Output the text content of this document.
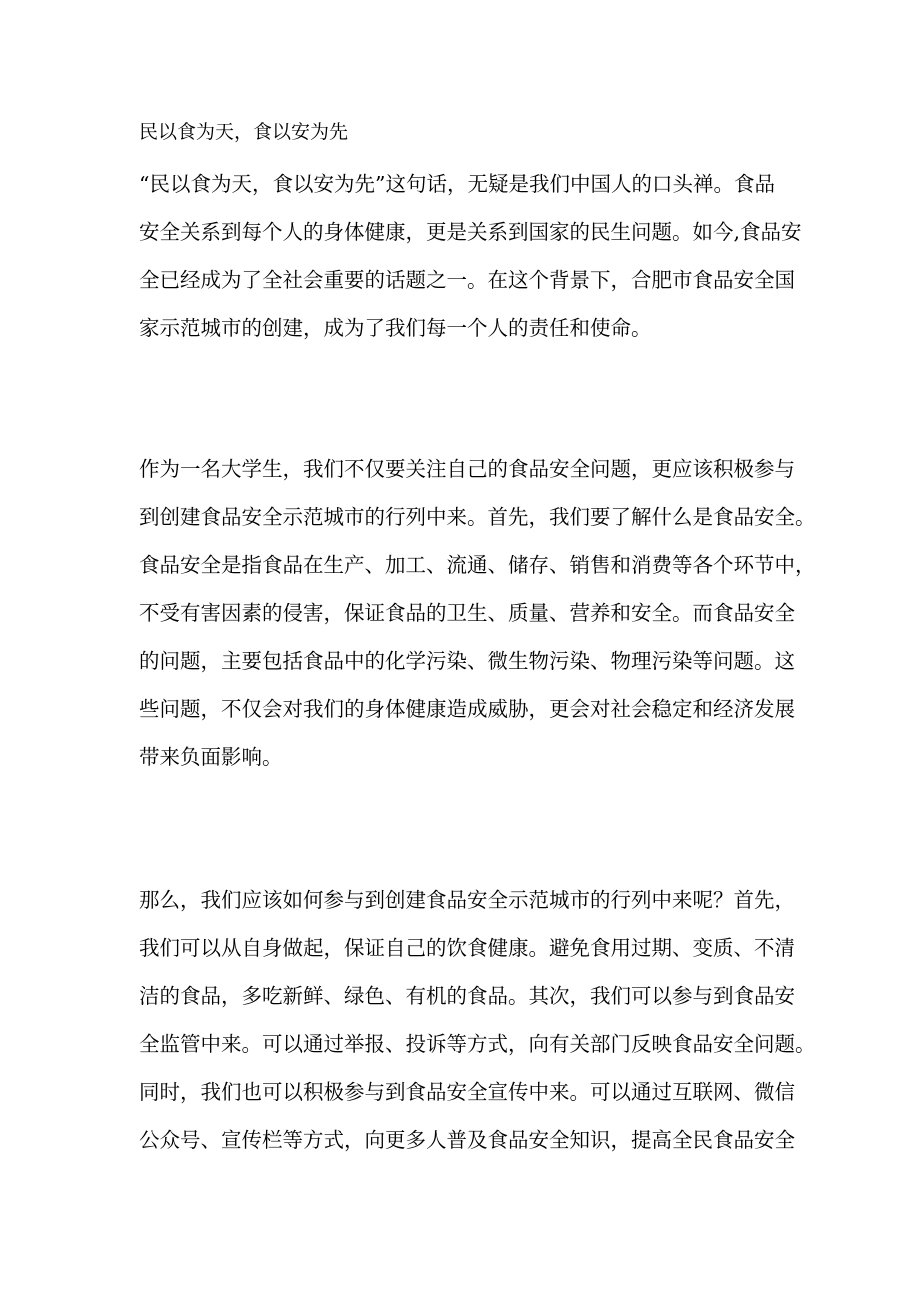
民以食为天，食以安为先
“民以食为天，食以安为先”这句话，无疑是我们中国人的口头禅。食品
安全关系到每个人的身体健康，更是关系到国家的民生问题。如今,食品安
全已经成为了全社会重要的话题之一。在这个背景下，合肥市食品安全国
家示范城市的创建，成为了我们每一个人的责任和使命。
作为一名大学生，我们不仅要关注自己的食品安全问题，更应该积极参与
到创建食品安全示范城市的行列中来。首先，我们要了解什么是食品安全。
食品安全是指食品在生产、加工、流通、储存、销售和消费等各个环节中，
不受有害因素的侵害，保证食品的卫生、质量、营养和安全。而食品安全
的问题，主要包括食品中的化学污染、微生物污染、物理污染等问题。这
些问题，不仅会对我们的身体健康造成威胁，更会对社会稳定和经济发展
带来负面影响。
那么，我们应该如何参与到创建食品安全示范城市的行列中来呢？首先，
我们可以从自身做起，保证自己的饮食健康。避免食用过期、变质、不清
洁的食品，多吃新鲜、绿色、有机的食品。其次，我们可以参与到食品安
全监管中来。可以通过举报、投诉等方式，向有关部门反映食品安全问题。
同时，我们也可以积极参与到食品安全宣传中来。可以通过互联网、微信
公众号、宣传栏等方式，向更多人普及食品安全知识，提高全民食品安全
